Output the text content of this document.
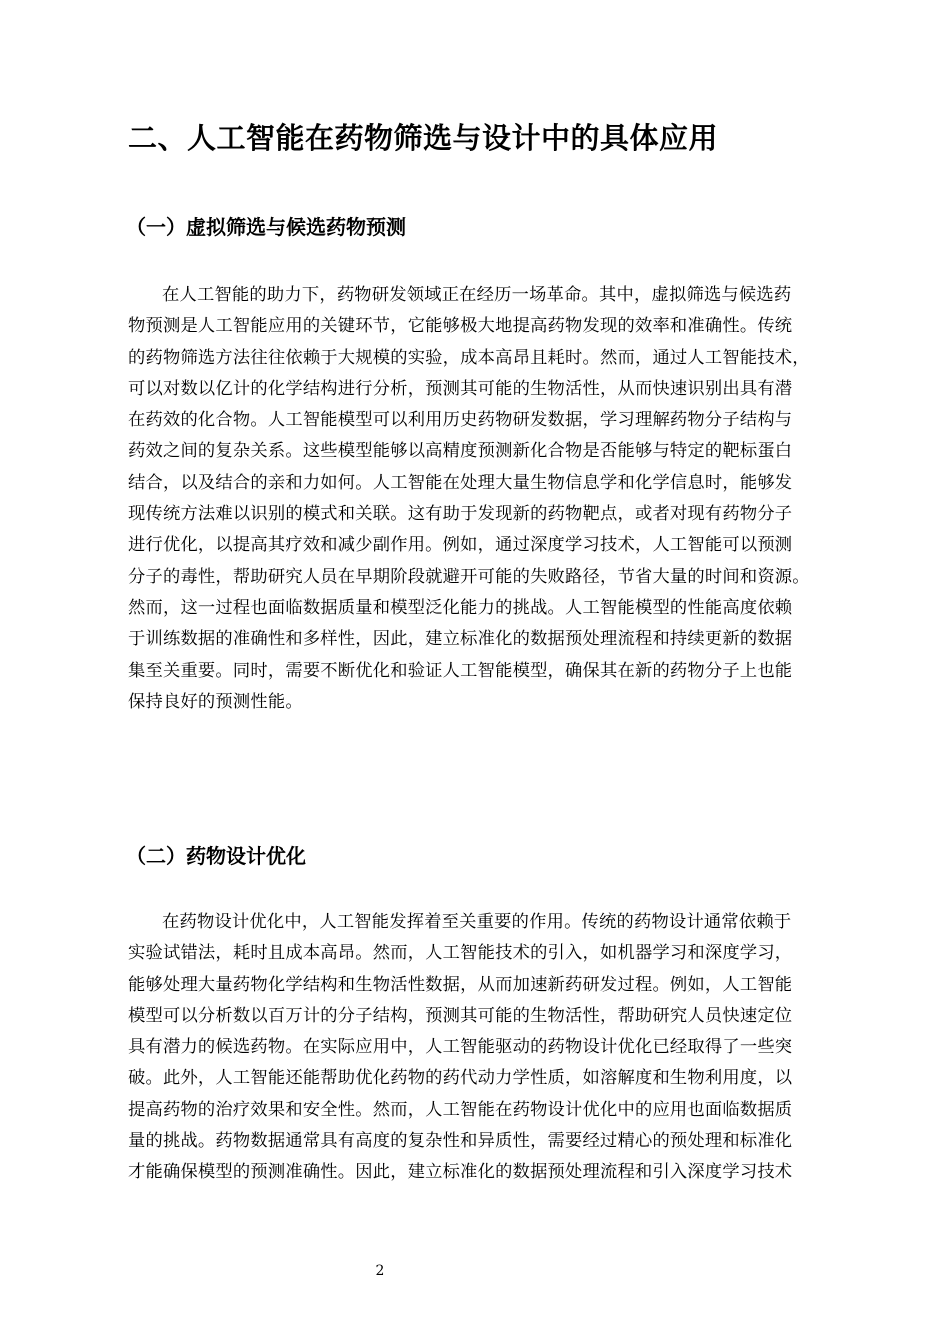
二、人工智能在药物筛选与设计中的具体应用
（一）虚拟筛选与候选药物预测
在人工智能的助力下，药物研发领域正在经历一场革命。其中，虚拟筛选与候选药
物预测是人工智能应用的关键环节，它能够极大地提高药物发现的效率和准确性。传统
的药物筛选方法往往依赖于大规模的实验，成本高昂且耗时。然而，通过人工智能技术，
可以对数以亿计的化学结构进行分析，预测其可能的生物活性，从而快速识别出具有潜
在药效的化合物。人工智能模型可以利用历史药物研发数据，学习理解药物分子结构与
药效之间的复杂关系。这些模型能够以高精度预测新化合物是否能够与特定的靶标蛋白
结合，以及结合的亲和力如何。人工智能在处理大量生物信息学和化学信息时，能够发
现传统方法难以识别的模式和关联。这有助于发现新的药物靶点，或者对现有药物分子
进行优化，以提高其疗效和减少副作用。例如，通过深度学习技术，人工智能可以预测
分子的毒性，帮助研究人员在早期阶段就避开可能的失败路径，节省大量的时间和资源。
然而，这一过程也面临数据质量和模型泛化能力的挑战。人工智能模型的性能高度依赖
于训练数据的准确性和多样性，因此，建立标准化的数据预处理流程和持续更新的数据
集至关重要。同时，需要不断优化和验证人工智能模型，确保其在新的药物分子上也能
保持良好的预测性能。
（二）药物设计优化
在药物设计优化中，人工智能发挥着至关重要的作用。传统的药物设计通常依赖于
实验试错法，耗时且成本高昂。然而，人工智能技术的引入，如机器学习和深度学习，
能够处理大量药物化学结构和生物活性数据，从而加速新药研发过程。例如，人工智能
模型可以分析数以百万计的分子结构，预测其可能的生物活性，帮助研究人员快速定位
具有潜力的候选药物。在实际应用中，人工智能驱动的药物设计优化已经取得了一些突
破。此外，人工智能还能帮助优化药物的药代动力学性质，如溶解度和生物利用度，以
提高药物的治疗效果和安全性。然而，人工智能在药物设计优化中的应用也面临数据质
量的挑战。药物数据通常具有高度的复杂性和异质性，需要经过精心的预处理和标准化
才能确保模型的预测准确性。因此，建立标准化的数据预处理流程和引入深度学习技术
2
